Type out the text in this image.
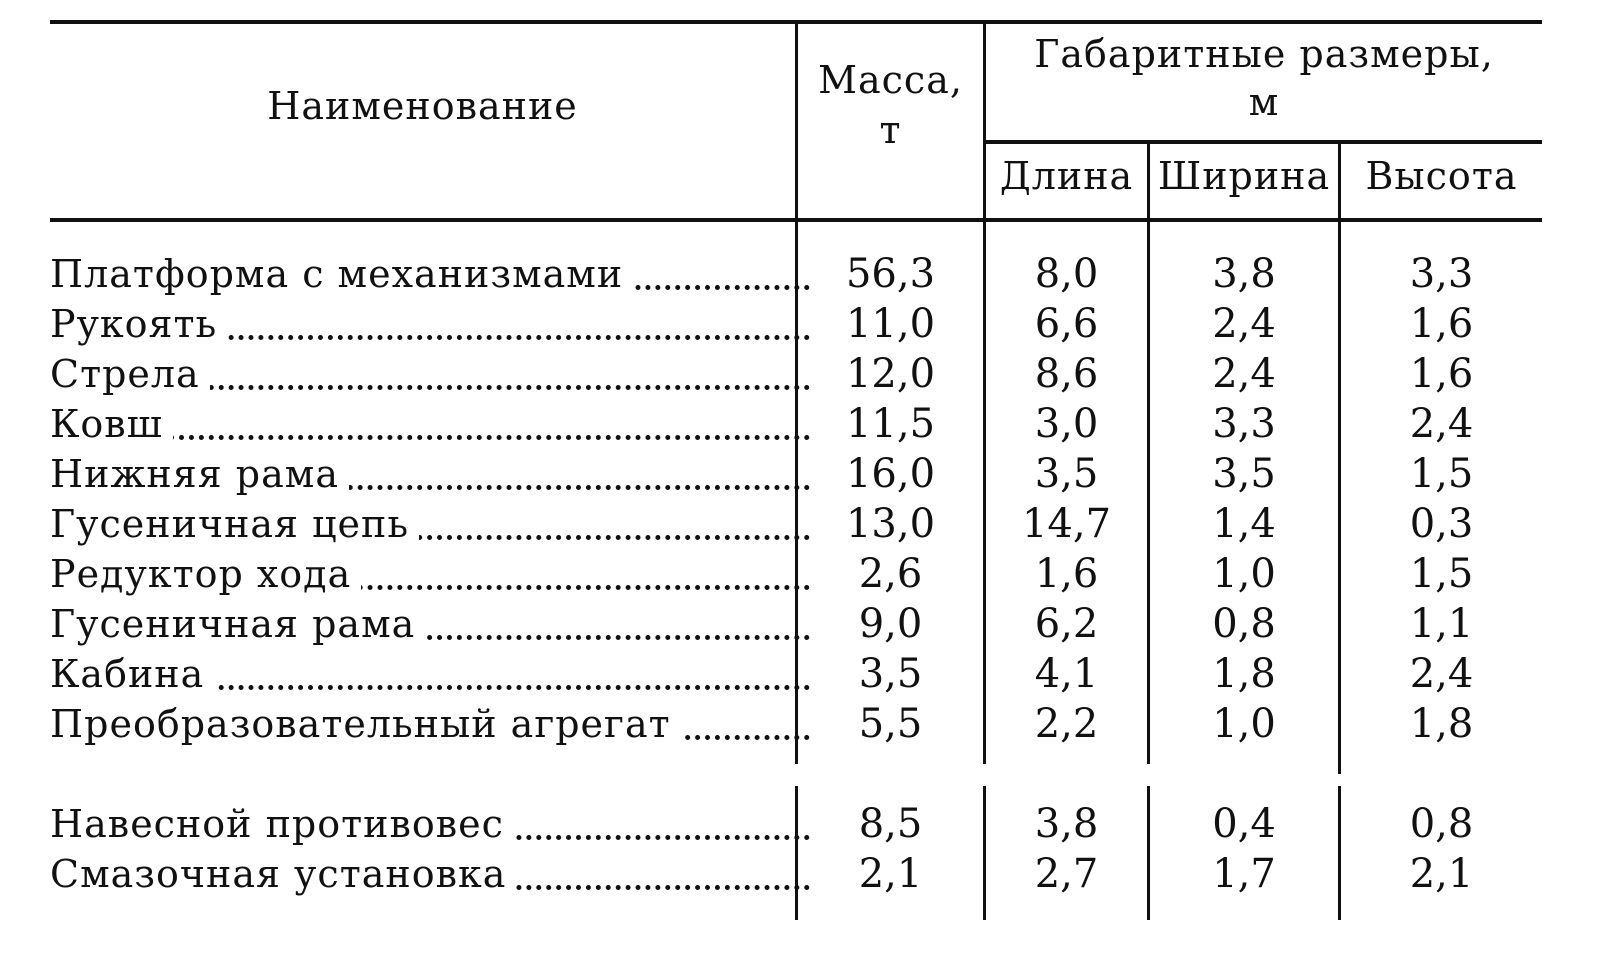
Наименование
Масса,
т
Габаритные размеры,
м
Длина Ширина Высота
Платформа с механизмами	56,3	8,0	3,8	3,3
Рукоять	11,0	6,6	2,4	1,6
Стрела	12,0	8,6	2,4	1,6
Ковш	11,5	3,0	3,3	2,4
Нижняя рама	16,0	3,5	3,5	1,5
Гусеничная цепь	13,0	14,7	1,4	0,3
Редуктор хода	2,6	1,6	1,0	1,5
Гусеничная рама	9,0	6,2	0,8	1,1
Кабина	3,5	4,1	1,8	2,4
Преобразовательный агрегат	5,5	2,2	1,0	1,8
Навесной противовес	8,5	3,8	0,4	0,8
Смазочная установка	2,1	2,7	1,7	2,1
